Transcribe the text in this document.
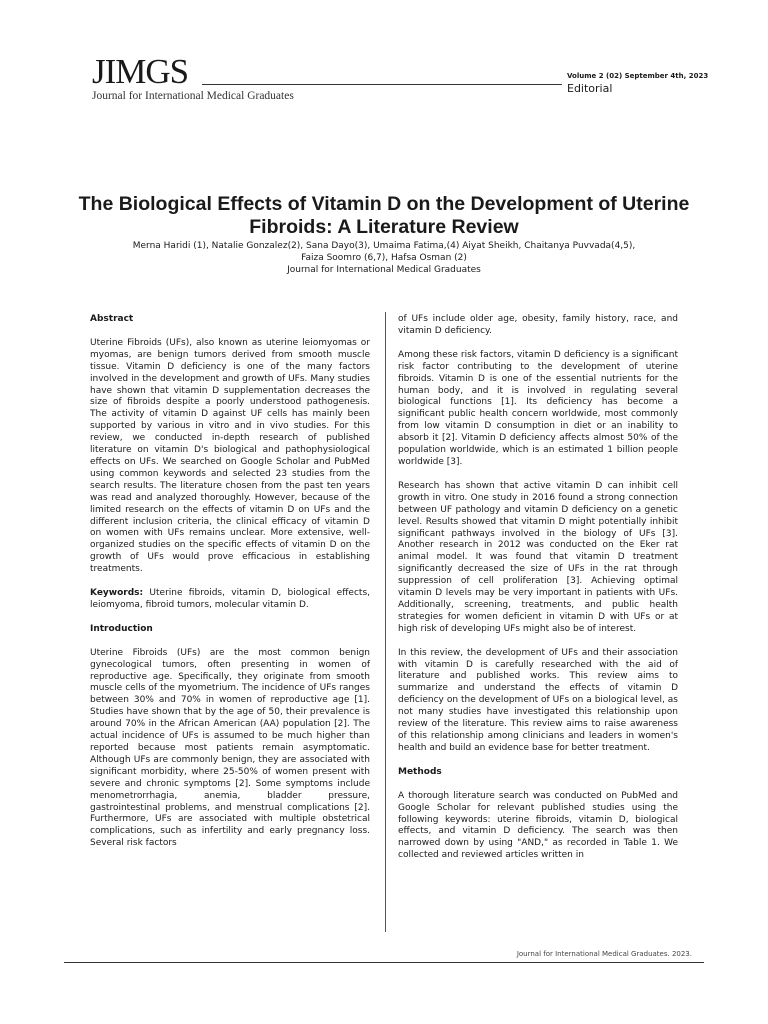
JIMGS
Journal for International Medical Graduates
Volume 2 (02) September 4th, 2023
Editorial
The Biological Effects of Vitamin D on the Development of Uterine Fibroids: A Literature Review
Merna Haridi (1), Natalie Gonzalez(2), Sana Dayo(3), Umaima Fatima,(4) Aiyat Sheikh, Chaitanya Puvvada(4,5),
Faiza Soomro (6,7), Hafsa Osman (2)
Journal for International Medical Graduates
Abstract

Uterine Fibroids (UFs), also known as uterine leiomyomas or myomas, are benign tumors derived from smooth muscle tissue. Vitamin D deficiency is one of the many factors involved in the development and growth of UFs. Many studies have shown that vitamin D supplementation decreases the size of fibroids despite a poorly understood pathogenesis. The activity of vitamin D against UF cells has mainly been supported by various in vitro and in vivo studies. For this review, we conducted in-depth research of published literature on vitamin D's biological and pathophysiological effects on UFs. We searched on Google Scholar and PubMed using common keywords and selected 23 studies from the search results. The literature chosen from the past ten years was read and analyzed thoroughly. However, because of the limited research on the effects of vitamin D on UFs and the different inclusion criteria, the clinical efficacy of vitamin D on women with UFs remains unclear. More extensive, well-organized studies on the specific effects of vitamin D on the growth of UFs would prove efficacious in establishing treatments.

Keywords: Uterine fibroids, vitamin D, biological effects, leiomyoma, fibroid tumors, molecular vitamin D.

Introduction

Uterine Fibroids (UFs) are the most common benign gynecological tumors, often presenting in women of reproductive age. Specifically, they originate from smooth muscle cells of the myometrium. The incidence of UFs ranges between 30% and 70% in women of reproductive age [1]. Studies have shown that by the age of 50, their prevalence is around 70% in the African American (AA) population [2]. The actual incidence of UFs is assumed to be much higher than reported because most patients remain asymptomatic. Although UFs are commonly benign, they are associated with significant morbidity, where 25-50% of women present with severe and chronic symptoms [2]. Some symptoms include menometrorrhagia, anemia, bladder pressure, gastrointestinal problems, and menstrual complications [2]. Furthermore, UFs are associated with multiple obstetrical complications, such as infertility and early pregnancy loss. Several risk factors

of UFs include older age, obesity, family history, race, and vitamin D deficiency.

Among these risk factors, vitamin D deficiency is a significant risk factor contributing to the development of uterine fibroids. Vitamin D is one of the essential nutrients for the human body, and it is involved in regulating several biological functions [1]. Its deficiency has become a significant public health concern worldwide, most commonly from low vitamin D consumption in diet or an inability to absorb it [2]. Vitamin D deficiency affects almost 50% of the population worldwide, which is an estimated 1 billion people worldwide [3].

Research has shown that active vitamin D can inhibit cell growth in vitro. One study in 2016 found a strong connection between UF pathology and vitamin D deficiency on a genetic level. Results showed that vitamin D might potentially inhibit significant pathways involved in the biology of UFs [3]. Another research in 2012 was conducted on the Eker rat animal model. It was found that vitamin D treatment significantly decreased the size of UFs in the rat through suppression of cell proliferation [3]. Achieving optimal vitamin D levels may be very important in patients with UFs. Additionally, screening, treatments, and public health strategies for women deficient in vitamin D with UFs or at high risk of developing UFs might also be of interest.

In this review, the development of UFs and their association with vitamin D is carefully researched with the aid of literature and published works. This review aims to summarize and understand the effects of vitamin D deficiency on the development of UFs on a biological level, as not many studies have investigated this relationship upon review of the literature. This review aims to raise awareness of this relationship among clinicians and leaders in women's health and build an evidence base for better treatment.

Methods

A thorough literature search was conducted on PubMed and Google Scholar for relevant published studies using the following keywords: uterine fibroids, vitamin D, biological effects, and vitamin D deficiency. The search was then narrowed down by using "AND," as recorded in Table 1. We collected and reviewed articles written in

Journal for International Medical Graduates. 2023.
